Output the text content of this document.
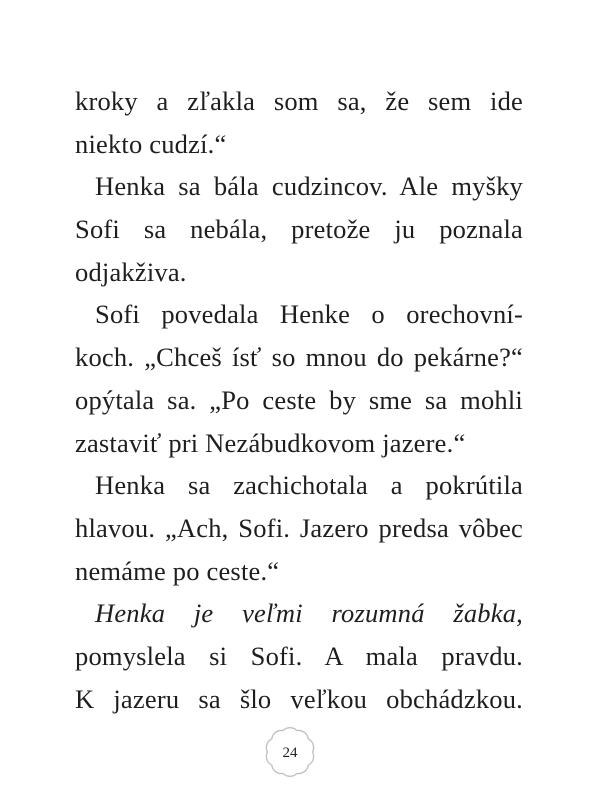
kroky a zľakla som sa, že sem ide
niekto cudzí.“
Henka sa bála cudzincov. Ale myšky
Sofi sa nebála, pretože ju poznala
odjakživa.
Sofi povedala Henke o orechovní-
koch. „Chceš ísť so mnou do pekárne?“
opýtala sa. „Po ceste by sme sa mohli
zastaviť pri Nezábudkovom jazere.“
Henka sa zachichotala a pokrútila
hlavou. „Ach, Sofi. Jazero predsa vôbec
nemáme po ceste.“
Henka je veľmi rozumná žabka,
pomyslela si Sofi. A mala pravdu.
K jazeru sa šlo veľkou obchádzkou.
24
